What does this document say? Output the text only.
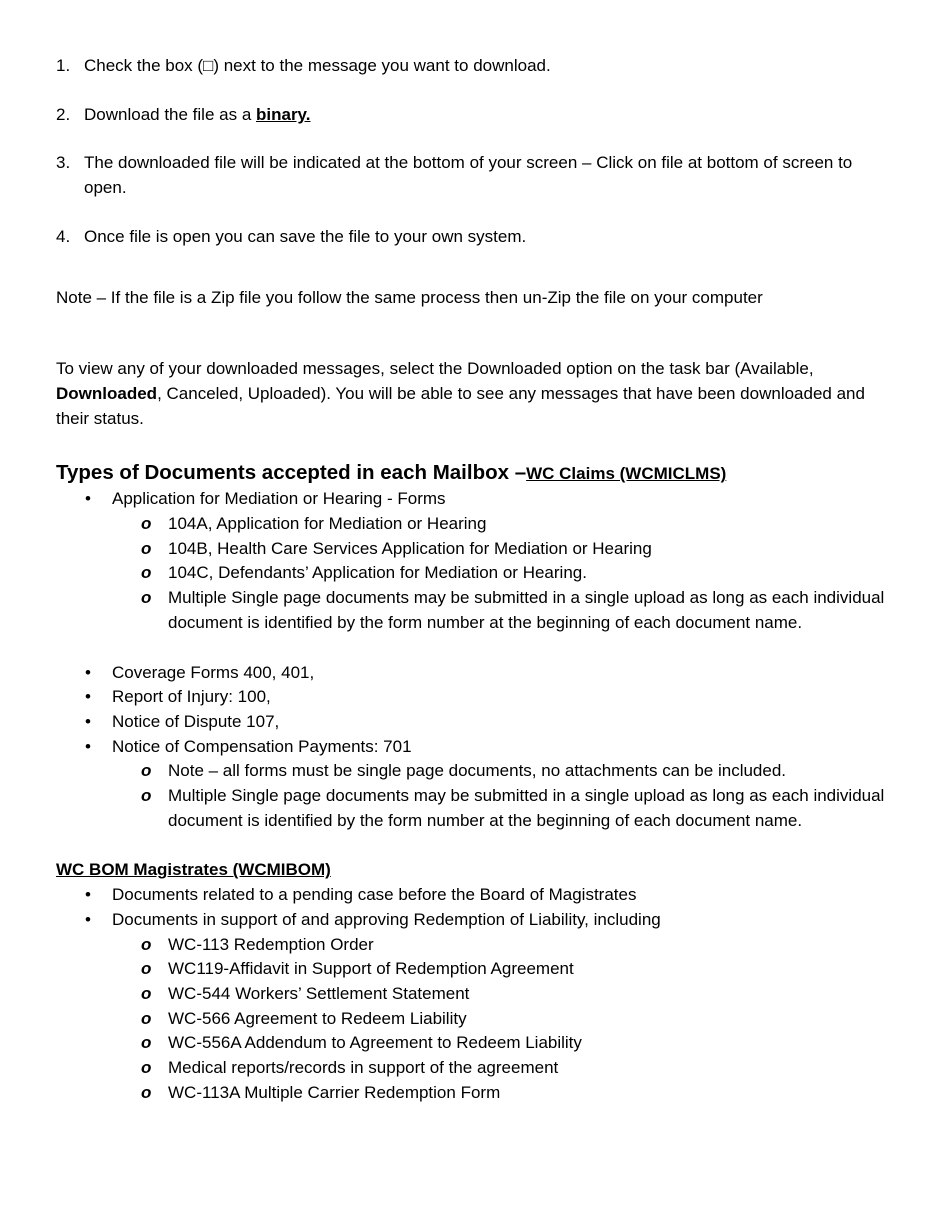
1. Check the box (□) next to the message you want to download.
2. Download the file as a binary.
3. The downloaded file will be indicated at the bottom of your screen – Click on file at bottom of screen to open.
4. Once file is open you can save the file to your own system.
Note – If the file is a Zip file you follow the same process then un-Zip the file on your computer
To view any of your downloaded messages, select the Downloaded option on the task bar (Available, Downloaded, Canceled, Uploaded). You will be able to see any messages that have been downloaded and their status.
Types of Documents accepted in each Mailbox –WC Claims (WCMICLMS)
• Application for Mediation or Hearing - Forms
o 104A, Application for Mediation or Hearing
o 104B, Health Care Services Application for Mediation or Hearing
o 104C, Defendants’ Application for Mediation or Hearing.
o Multiple Single page documents may be submitted in a single upload as long as each individual document is identified by the form number at the beginning of each document name.
• Coverage Forms 400, 401,
• Report of Injury: 100,
• Notice of Dispute 107,
• Notice of Compensation Payments: 701
o Note – all forms must be single page documents, no attachments can be included.
o Multiple Single page documents may be submitted in a single upload as long as each individual document is identified by the form number at the beginning of each document name.
WC BOM Magistrates (WCMIBOM)
• Documents related to a pending case before the Board of Magistrates
• Documents in support of and approving Redemption of Liability, including
o WC-113 Redemption Order
o WC119-Affidavit in Support of Redemption Agreement
o WC-544 Workers’ Settlement Statement
o WC-566 Agreement to Redeem Liability
o WC-556A Addendum to Agreement to Redeem Liability
o Medical reports/records in support of the agreement
o WC-113A Multiple Carrier Redemption Form
